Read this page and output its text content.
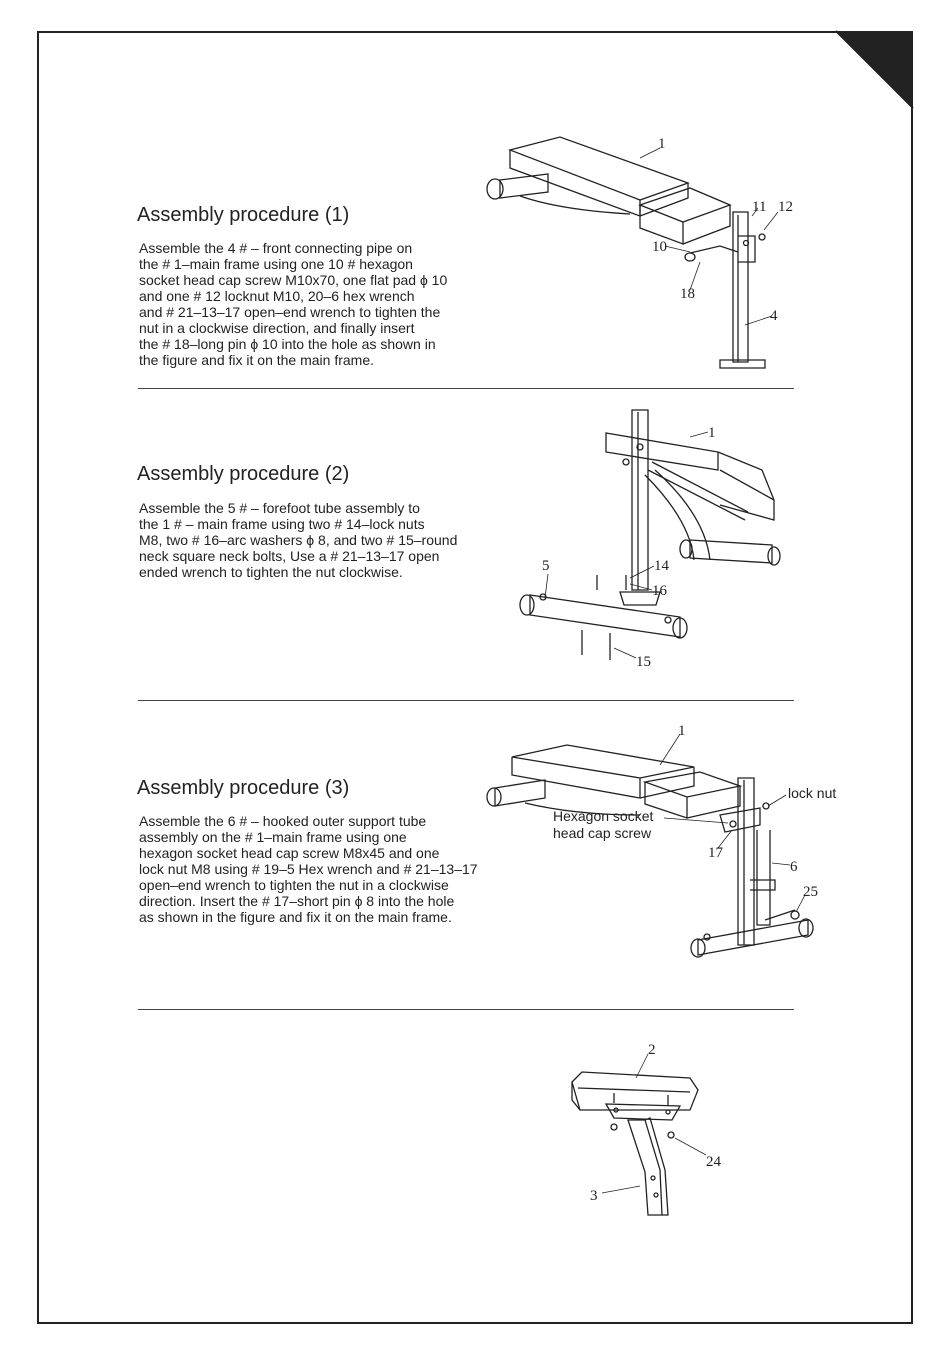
Assembly procedure (1)
Assemble the 4 # – front connecting pipe on
the # 1–main frame using one 10 # hexagon
socket head cap screw M10x70, one flat pad ϕ 10
and one # 12 locknut M10, 20–6 hex wrench
and # 21–13–17 open–end wrench to tighten the
nut in a clockwise direction, and finally insert
the # 18–long pin ϕ 10 into the hole as shown in
the figure and fix it on the main frame.
1
11 12
10
18
4
Assembly procedure (2)
Assemble the 5 # – forefoot tube assembly to
the 1 # – main frame using two # 14–lock nuts
M8, two # 16–arc washers ϕ 8, and two # 15–round
neck square neck bolts, Use a # 21–13–17 open
ended wrench to tighten the nut clockwise.
1
5	14
16
15
Assembly procedure (3)
Assemble the 6 # – hooked outer support tube
assembly on the # 1–main frame using one
hexagon socket head cap screw M8x45 and one
lock nut M8 using # 19–5 Hex wrench and # 21–13–17
open–end wrench to tighten the nut in a clockwise
direction. Insert the # 17–short pin ϕ 8 into the hole
as shown in the figure and fix it on the main frame.
1
17
6
25
lock nut
Hexagon socket
head cap screw
2
24
3
